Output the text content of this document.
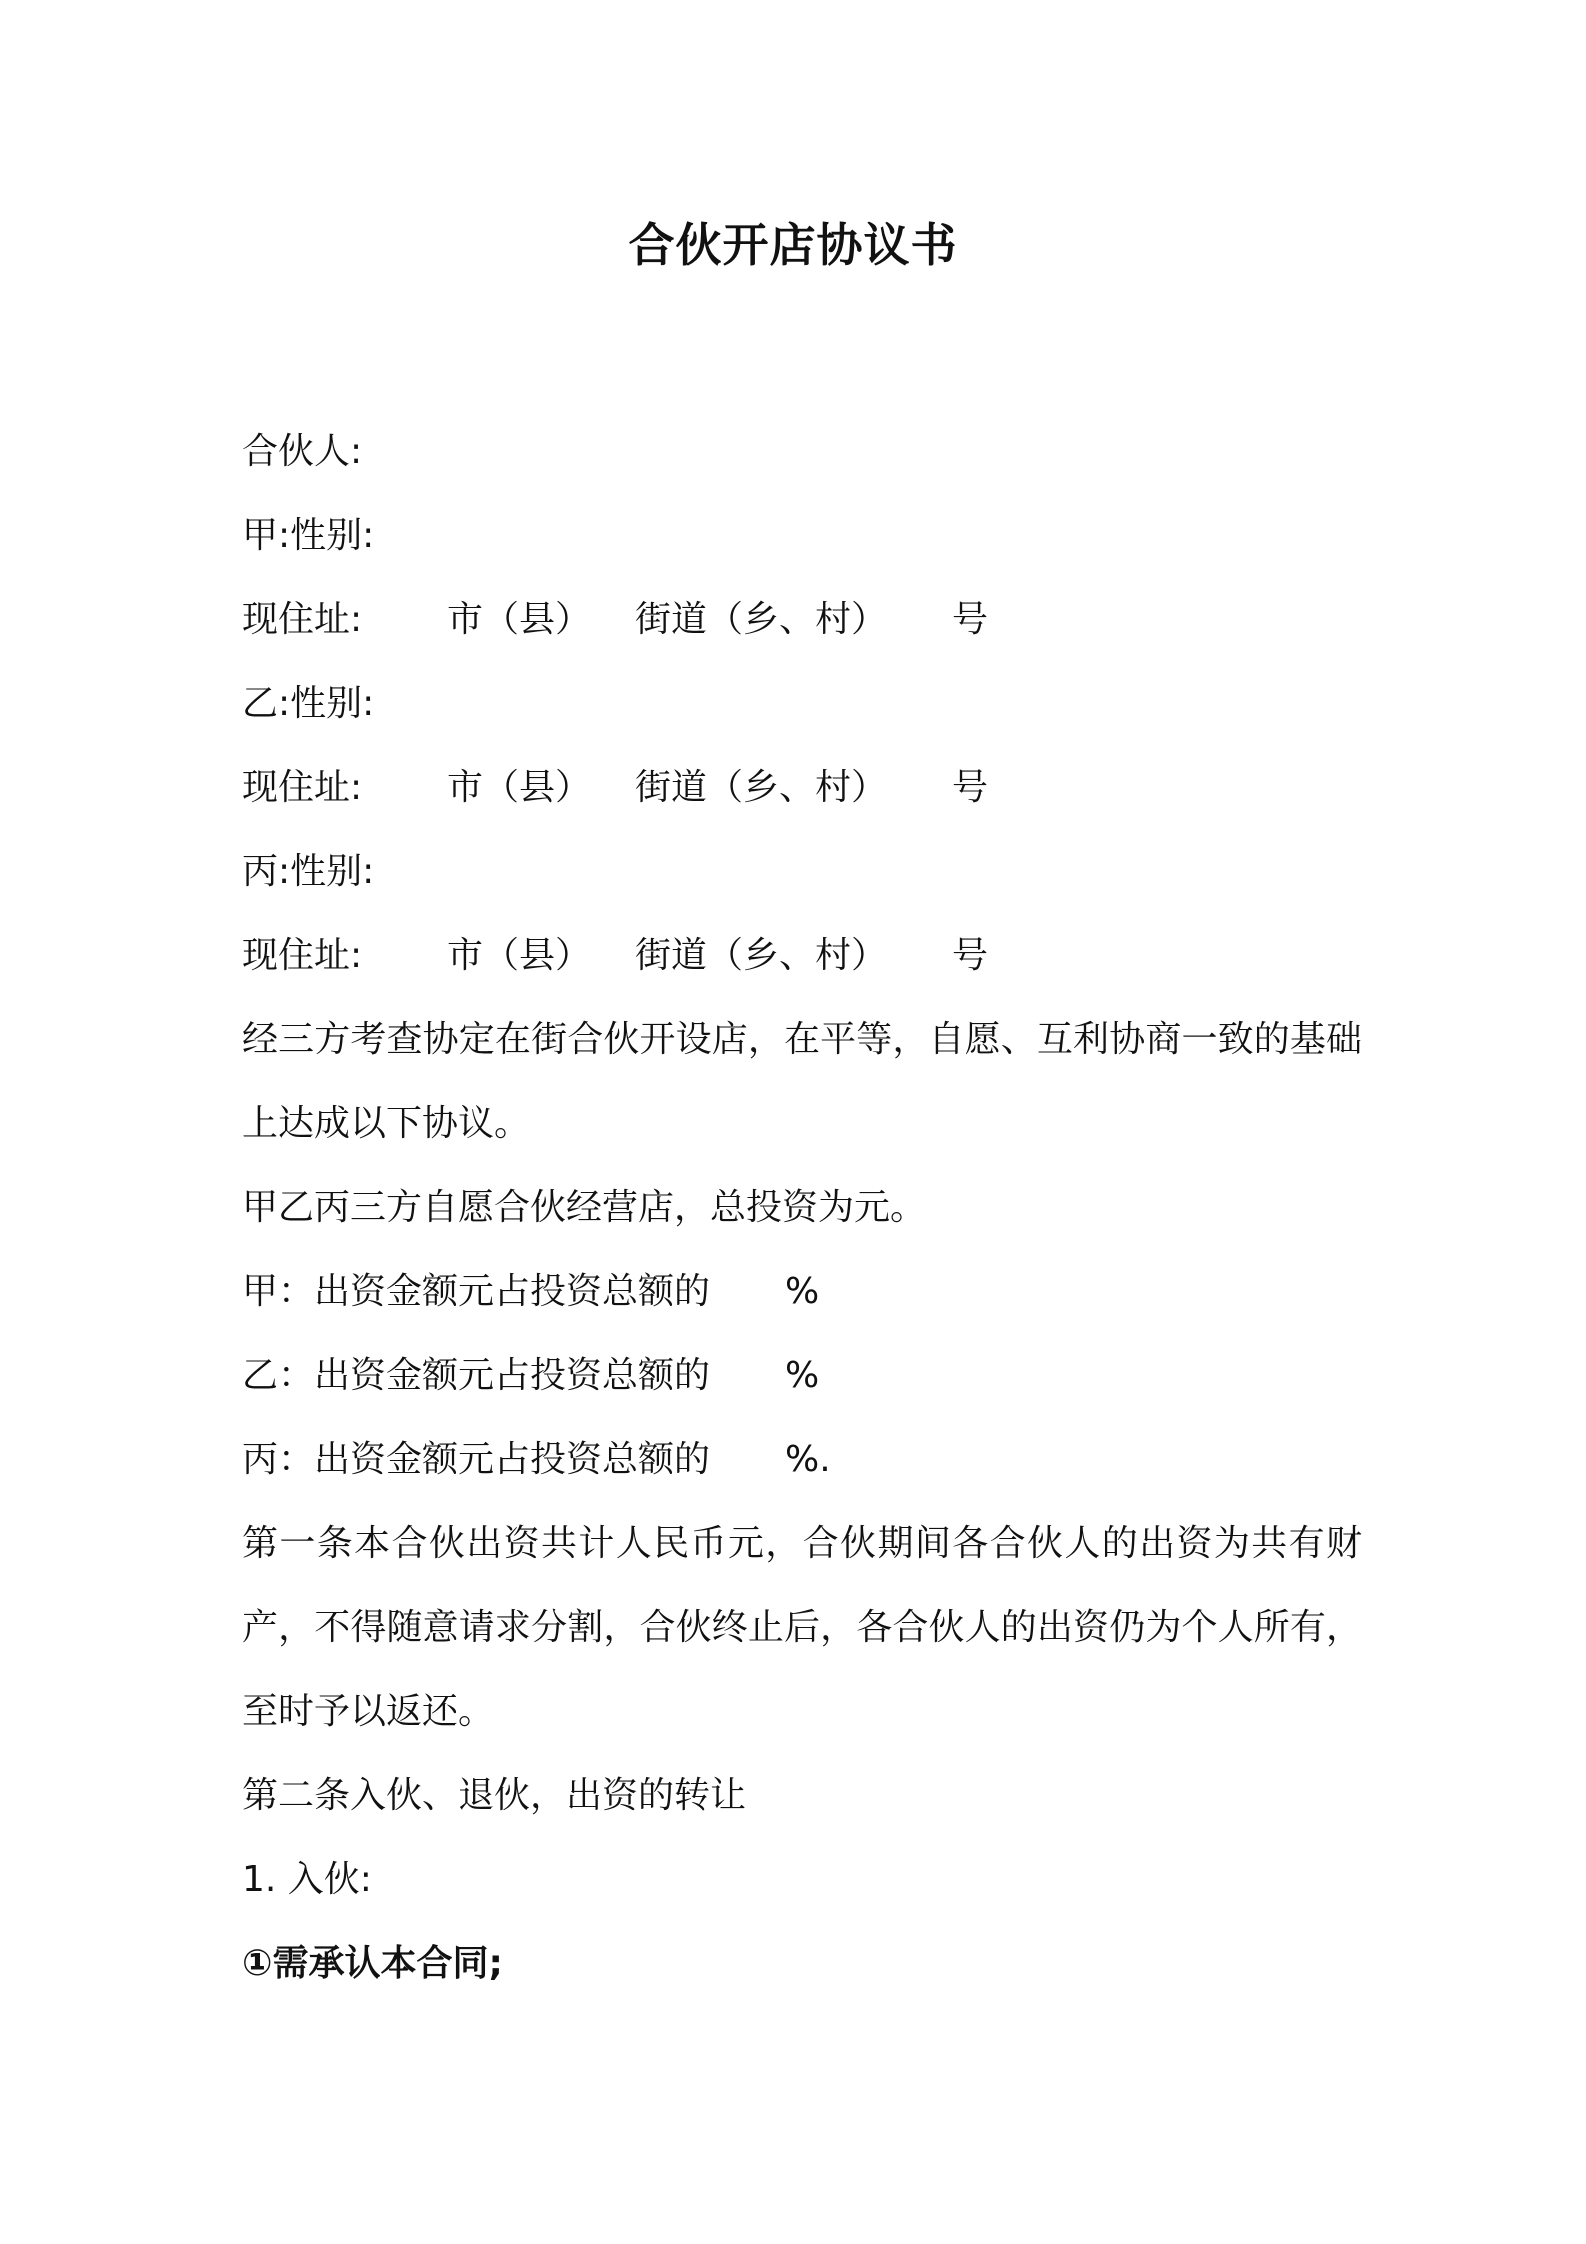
合伙开店协议书
合伙人:
甲:性别:
现住址: 市（县） 街道（乡、村） 号
乙:性别:
现住址: 市（县） 街道（乡、村） 号
丙:性别:
现住址: 市（县） 街道（乡、村） 号
经三方考查协定在街合伙开设店，在平等，自愿、互利协商一致的基础上达成以下协议。
甲乙丙三方自愿合伙经营店，总投资为元。
甲：出资金额元占投资总额的 %
乙：出资金额元占投资总额的 %
丙：出资金额元占投资总额的 %.
第一条本合伙出资共计人民币元，合伙期间各合伙人的出资为共有财产，不得随意请求分割，合伙终止后，各合伙人的出资仍为个人所有，至时予以返还。
第二条入伙、退伙，出资的转让
1. 入伙:
①需承认本合同;
